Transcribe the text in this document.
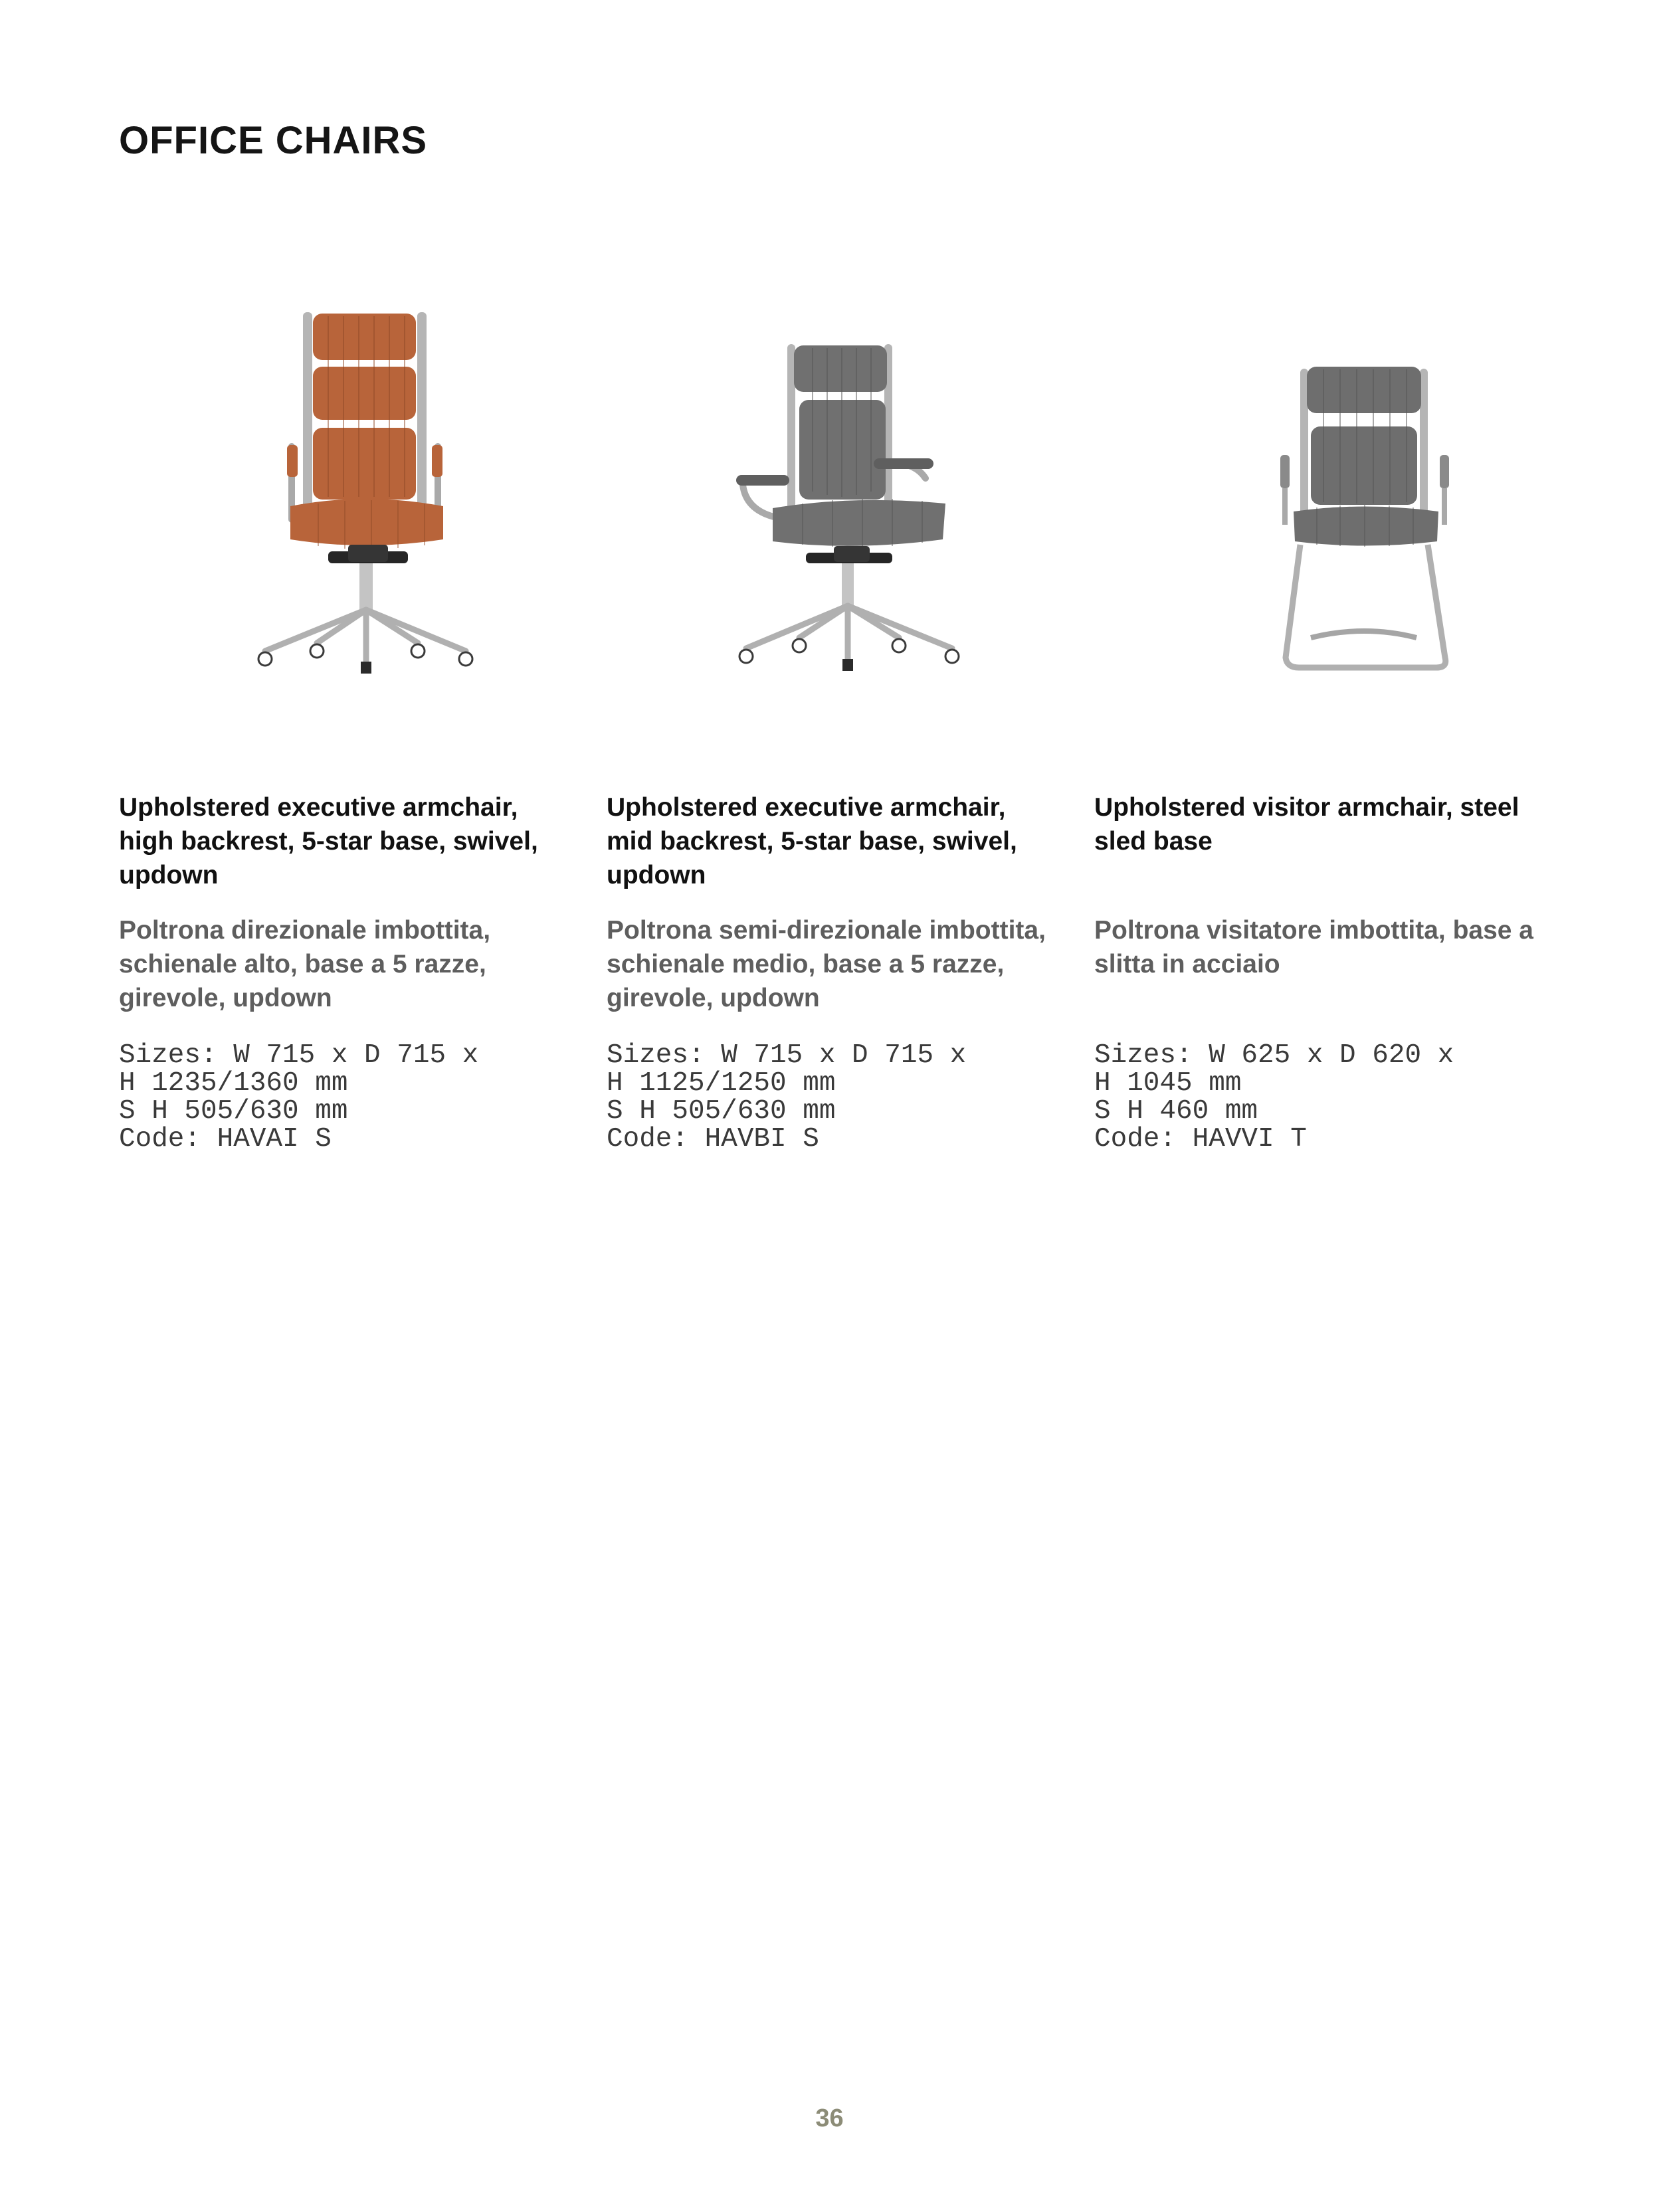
OFFICE CHAIRS
Upholstered executive armchair, high backrest, 5-star base, swivel, updown

Poltrona direzionale imbottita, schienale alto, base a 5 razze, girevole, updown

Sizes: W 715 x D 715 x
H 1235/1360 mm
S H 505/630 mm
Code: HAVAI S
Upholstered executive armchair, mid backrest, 5-star base, swivel, updown

Poltrona semi-direzionale imbottita, schienale medio, base a 5 razze, girevole, updown

Sizes: W 715 x D 715 x
H 1125/1250 mm
S H 505/630 mm
Code: HAVBI S
Upholstered visitor armchair, steel sled base

Poltrona visitatore imbottita, base a slitta in acciaio

Sizes: W 625 x D 620 x
H 1045 mm
S H 460 mm
Code: HAVVI T
36
